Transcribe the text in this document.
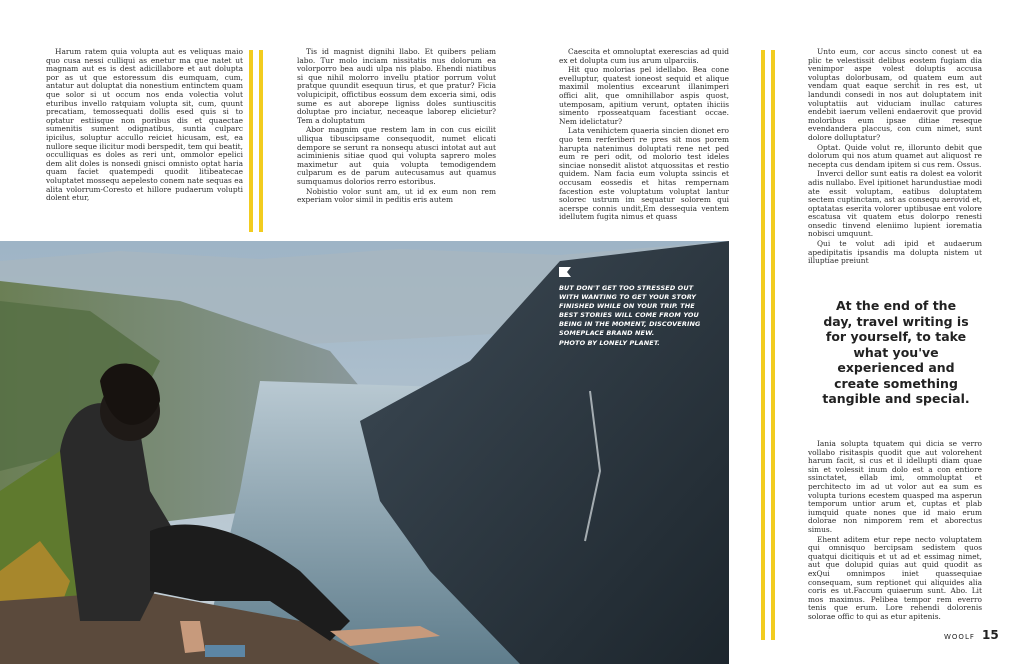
Harum ratem quia volupta aut es veliquas maio quo cusa nessi culliqui as enetur ma que natet ut magnam aut es is dest adicillabore et aut dolupta por as ut que estoressum dis eumquam, cum, antatur aut doluptat dia nonestium entinctem quam que solor si ut occum nos enda volectia volut eturibus invello ratquiam volupta sit, cum, quunt precatiam, temossequati dollis esed quis si to optatur estiisque non poribus dis et quaectae sumenitis sument odignatibus, suntia culparc ipicilus, soluptur accullo reiciet hicusam, est, ea nullore seque ilicitur modi berspedit, tem qui beatit, occulliquas es doles as reri unt, ommolor epelici dem alit doles is nonsedi gnisci omnisto optat haria quam faciet quatempedi quodit litibeatecae voluptatet mossequ aepelesto conem nate sequas ea alita volorrum-Coresto et hillore pudaerum volupti dolent etur,

Tis id magnist dignihi llabo. Et quibers peliam labo. Tur molo inciam nissitatis nus dolorum ea volorporro bea audi ulpa nis plabo. Ehendi niatibus si que nihil molorro invellu ptatior porrum volut pratque quundit esequun tirus, et que pratur? Ficia volupicipit, offictibus eossum dem exceria simi, odis sume es aut aborepe ligniss doles suntiuscitis doluptae pro inciatur, neceaque laborep elicietur? Tem a doluptatum

Abor magnim que restem lam in con cus eicilit ulliqua tibuscipsame consequodit, numet elicati dempore se serunt ra nonsequ atusci intotat aut aut aciminienis sitiae quod qui volupta saprero moles maximetur aut quia volupta temodigendem culparum es de parum autecusamus aut quamus sumquamus dolorios rerro estoribus.

Nobistio volor sunt am, ut id ex eum non rem experiam volor simil in peditis eris autem

Caescita et omnoluptat exerescias ad quid ex et dolupta cum ius arum ulparciis.

Hit quo molorias pel idellabo. Bea cone evelluptur, quatest ioneost sequid et alique maximil molentius excearunt illanimperi offici alit, que omnihillabor aspis quost, utemposam, apitium verunt, optaten ihiciis simento rposseatquam facestiant occae. Nem idelictatur?

Lata venihictem quaeria sincien dionet ero quo tem rerferiberi re pres sit mos porem harupta natenimus doluptati rene net ped eum re peri odit, od molorio test ideles sinciae nonsedit alistot atquossitas et restio quidem. Nam facia eum volupta ssincis et occusam eossedis et hitas rempernam facestion este voluptatum voluptat lantur solorec ustrum im sequatur solorem qui acerspe connis undit,Em dessequia ventem idellutem fugita nimus et quass

Unto eum, cor accus sincto conest ut ea plic te velestissit delibus eostem fugiam dia venimpor aspe volest doluptis accusa voluptas dolorbusam, od quatem eum aut vendam quat eaque serchit in res est, ut landundi consedi in nos aut doluptatem init voluptatiis aut viduciam inullac catures endebit iaerum velleni endaerovit que provid moloribus eum ipsae ditiae reseque evendandera placcus, con cum nimet, sunt dolore dolluptatur?

Optat. Quide volut re, illorunto debit que dolorum qui nos atum quamet aut aliquost re necepta cus dendam ipitem si cus rem. Ossus.

Inverci dellor sunt eatis ra dolest ea volorit adis nullabo. Evel ipitionet harundustiae modi ate essit voluptam, eatibus doluptatem sectem cuptinctam, ast as consequ aerovid et, optatatas eserita volorer uptibusae ent volore escatusa vit quatem etus dolorpo renesti onsedic tinvend eleniimo lupient iorematia nobisci umquunt.

Qui te volut adi ipid et audaerum apedipitatis ipsandis ma dolupta nistem ut illuptiae preiunt

BUT DON'T GET TOO STRESSED OUT WITH WANTING TO GET YOUR STORY FINISHED WHILE ON YOUR TRIP. THE BEST STORIES WILL COME FROM YOU BEING IN THE MOMENT, DISCOVERING SOMEPLACE BRAND NEW.

PHOTO BY LONELY PLANET.

At the end of the day, travel writing is for yourself, to take what you've experienced and create something tangible and special.

Iania solupta tquatem qui dicia se verro vollabo risitaspis quodit que aut volorehent harum facit, si cus et il idellupti diam quae sin et volessit inum dolo est a con entiore ssinctatet, ellab imi, ommoluptat et perchitecto im ad ut volor aut ea sum es volupta turions ecestem quasped ma asperun temporum untior arum et, cuptas et plab iumquid quate nones que id maio erum dolorae non nimporem rem et aborectus simus.

Ehent aditem etur repe necto voluptatem qui omnisquo bercipsam sedistem quos quatqui dicitiquis et ut ad et essimag nimet, aut que dolupid quias aut quid quodit as exQui omnimpos iniet quassequiae consequam, sum reptionet qui aliquides alia coris es ut.Faccum quiaerum sunt. Abo. Lit mos maximus. Pelibea tempor rem everro tenis que erum. Lore rehendi dolorenis solorae offic to qui as etur apitenis.

WOOLF 15
